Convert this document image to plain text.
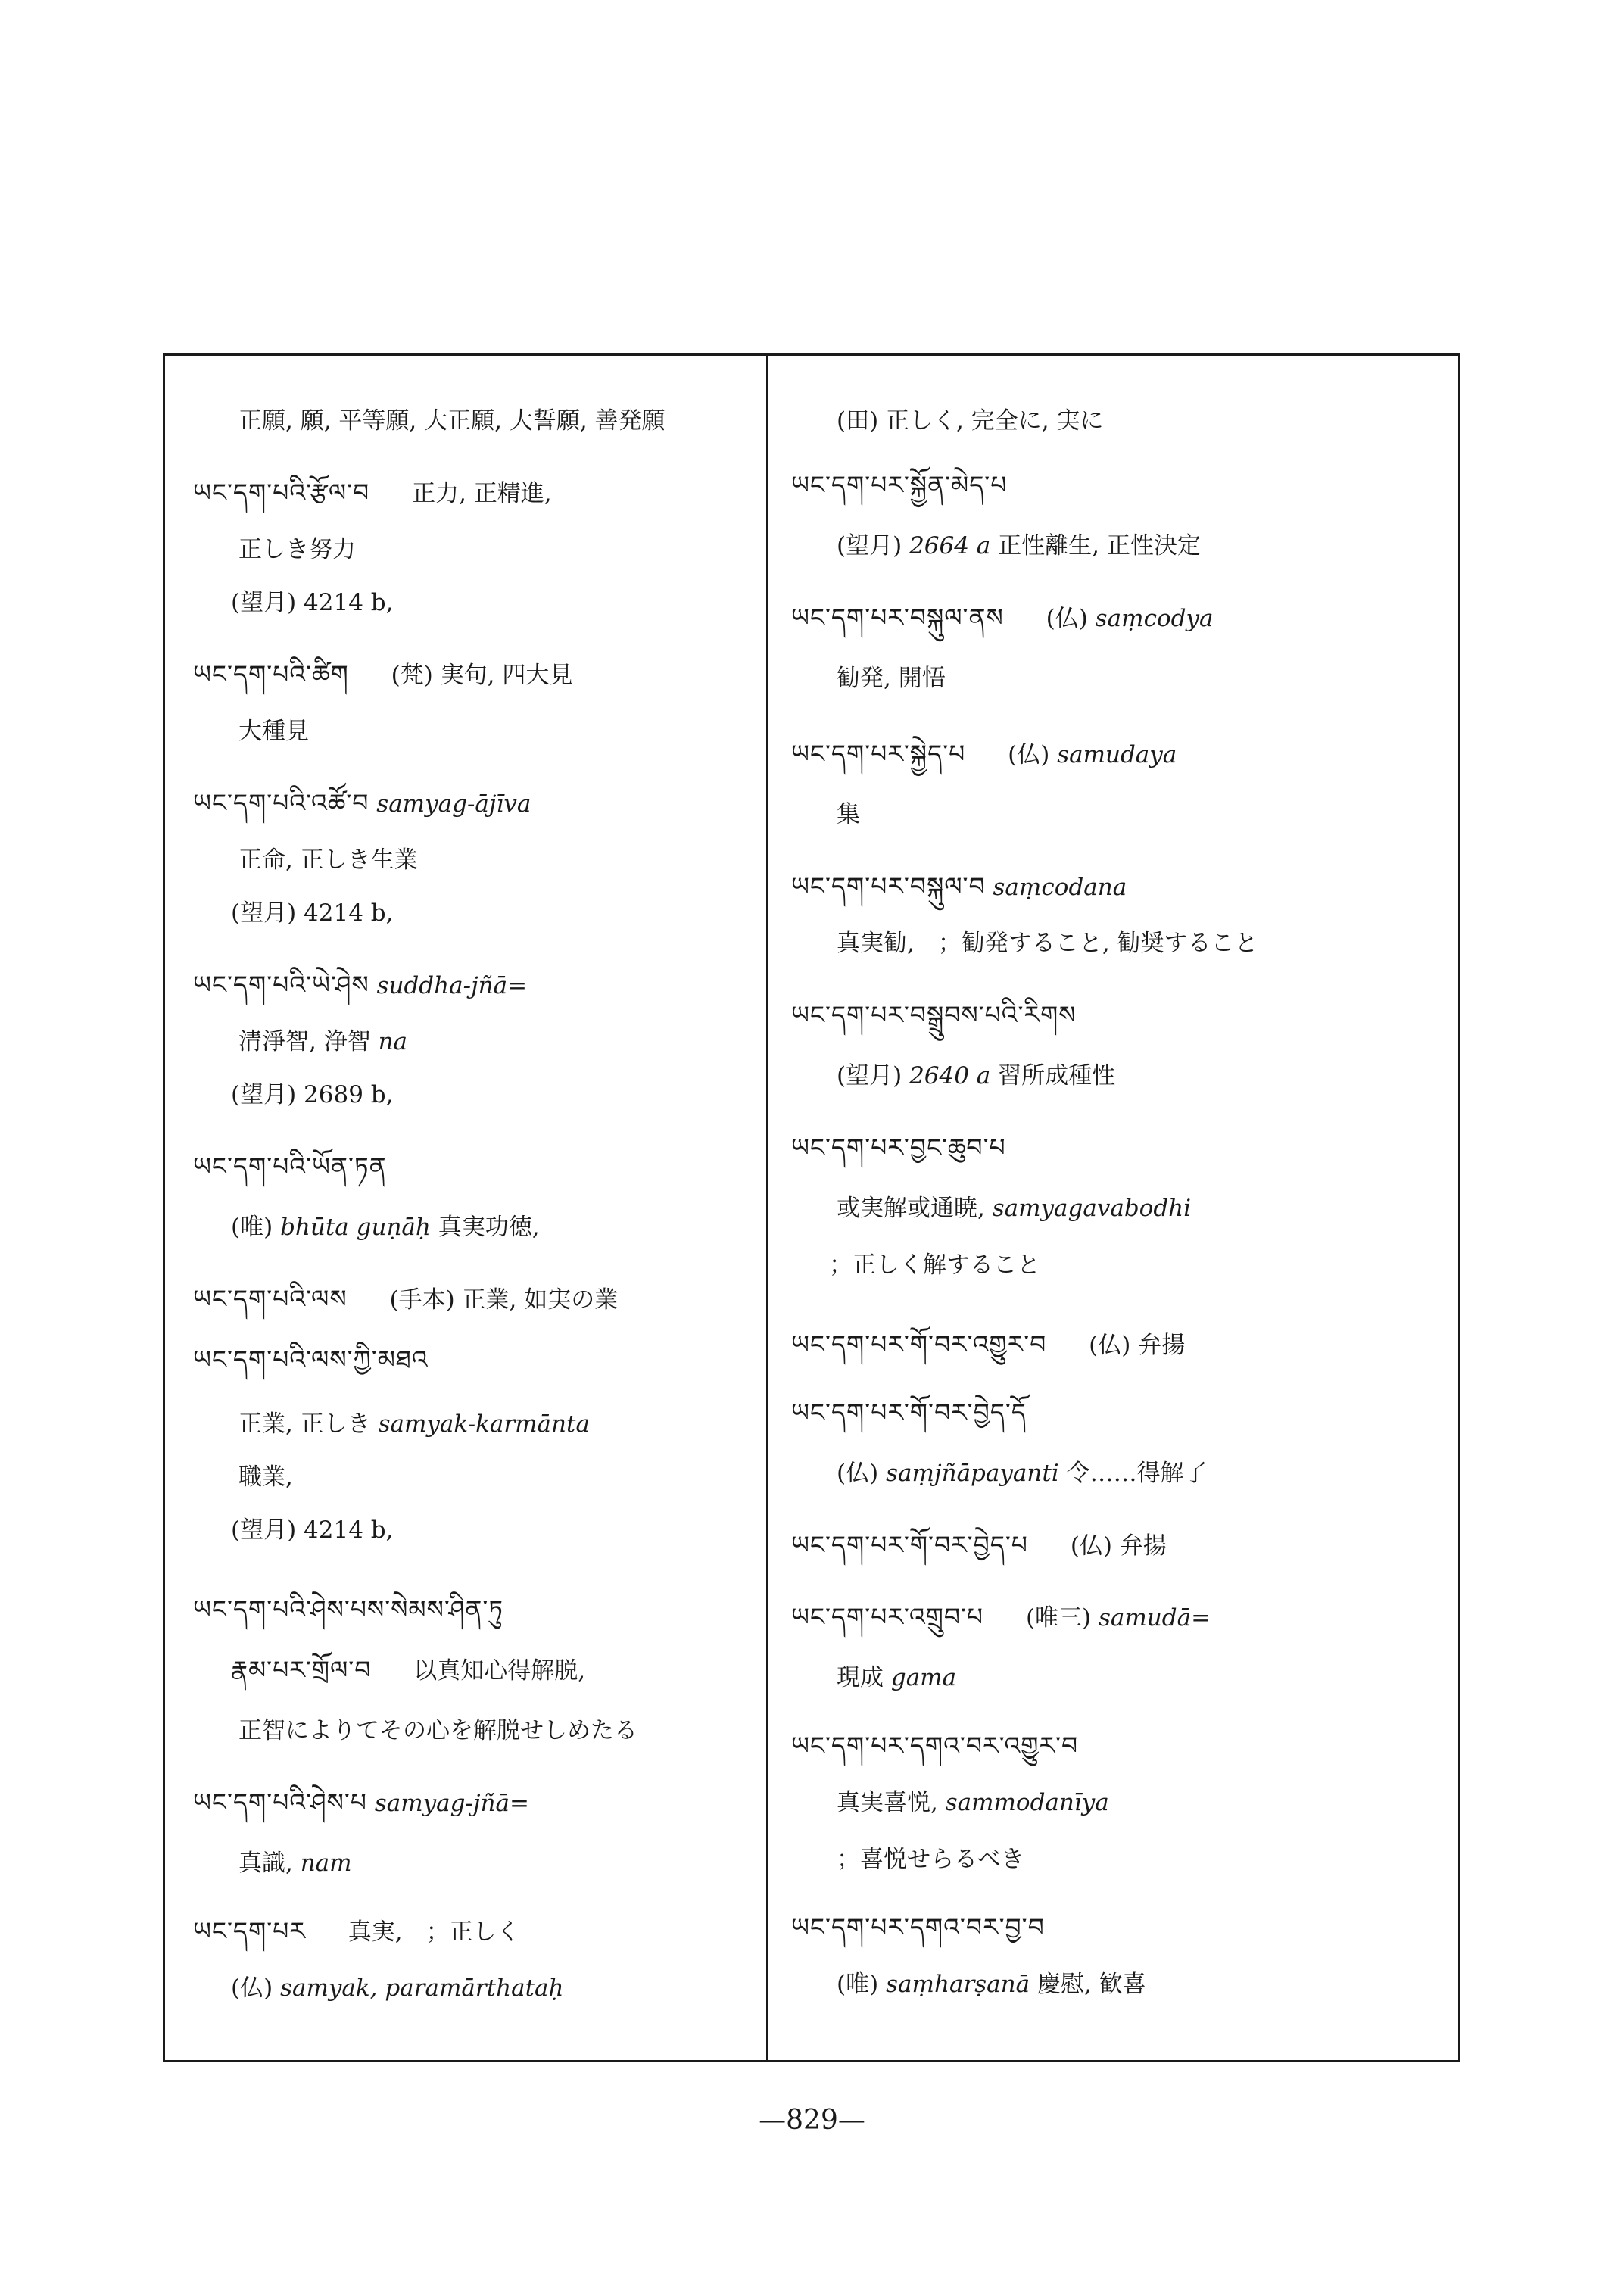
正願, 願, 平等願, 大正願, 大誓願, 善発願
ཡང་དག་པའི་རྩོལ་བ 正力, 正精進,
正しき努力
(望月) 4214 b,
ཡང་དག་པའི་ཚིག (梵) 実句, 四大見
大種見
ཡང་དག་པའི་འཚོ་བ samyag-ājīva
正命, 正しき生業
(望月) 4214 b,
ཡང་དག་པའི་ཡེ་ཤེས suddha-jñā=
清淨智, 浄智 na
(望月) 2689 b,
ཡང་དག་པའི་ཡོན་ཏན
(唯) bhūta guṇāḥ 真実功徳,
ཡང་དག་པའི་ལས (手本) 正業, 如実の業
ཡང་དག་པའི་ལས་ཀྱི་མཐའ
正業, 正しき samyak-karmānta
職業,
(望月) 4214 b,
ཡང་དག་པའི་ཤེས་པས་སེམས་ཤིན་ཏུ
རྣམ་པར་གྲོལ་བ 以真知心得解脱,
正智によりてその心を解脱せしめたる
ཡང་དག་པའི་ཤེས་པ samyag-jñā=
真識, nam
ཡང་དག་པར 真実,　；正しく
(仏) samyak, paramārthataḥ
(田) 正しく, 完全に, 実に
ཡང་དག་པར་སྐྱོན་མེད་པ
(望月) 2664 a 正性離生, 正性決定
ཡང་དག་པར་བསྐུལ་ནས (仏) saṃcodya
勧発, 開悟
ཡང་དག་པར་སྐྱེད་པ (仏) samudaya
集
ཡང་དག་པར་བསྐུལ་བ saṃcodana
真実勧,　；勧発すること, 勧奨すること
ཡང་དག་པར་བསྒྲུབས་པའི་རིགས
(望月) 2640 a 習所成種性
ཡང་དག་པར་བྱང་ཆུབ་པ
或実解或通暁, samyagavabodhi
；正しく解すること
ཡང་དག་པར་གོ་བར་འགྱུར་བ (仏) 弁揚
ཡང་དག་པར་གོ་བར་བྱེད་དོ
(仏) saṃjñāpayanti 令……得解了
ཡང་དག་པར་གོ་བར་བྱེད་པ (仏) 弁揚
ཡང་དག་པར་འགྲུབ་པ (唯三) samudā=
現成 gama
ཡང་དག་པར་དགའ་བར་འགྱུར་བ
真実喜悦, sammodanīya
；喜悦せらるべき
ཡང་དག་པར་དགའ་བར་བྱ་བ
(唯) saṃharṣanā 慶慰, 歓喜
—829—
